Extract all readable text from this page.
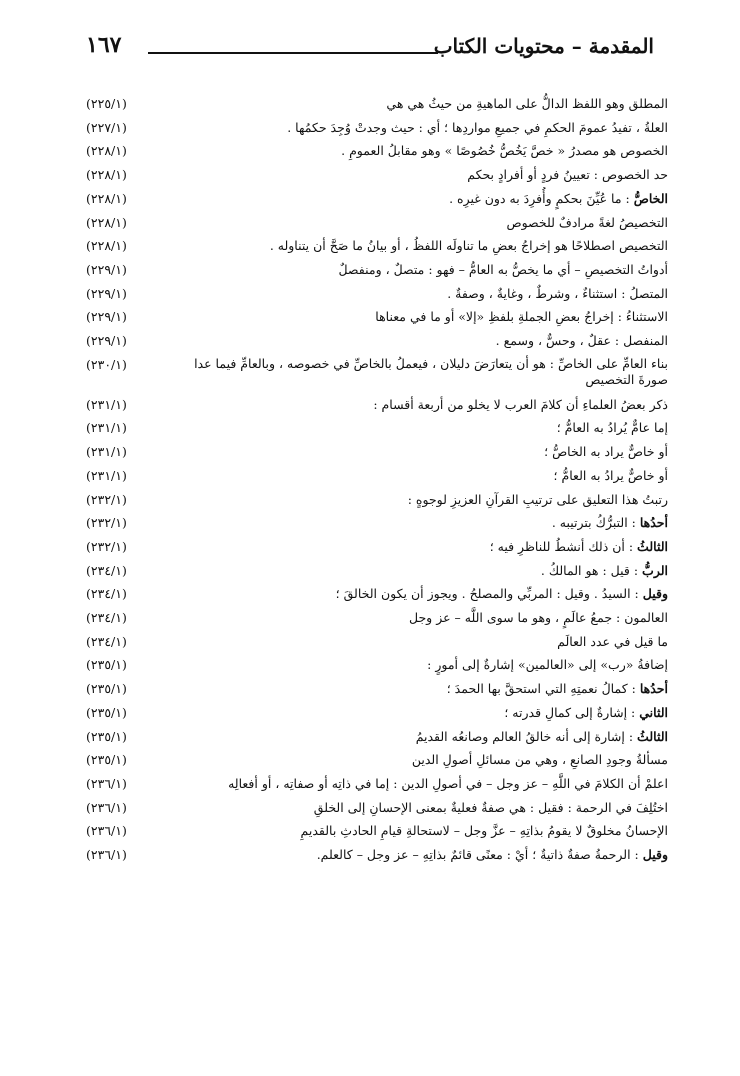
المقدمة – محتويات الكتاب
١٦٧
المطلق وهو اللفظ الدالُّ على الماهيةِ من حيثُ هي هي
(٢٢٥/١)
العلةُ ، تفيدُ عمومَ الحكمِ في جميعِ مواردِها ؛ أي : حيث وجدتْ وُجِدَ حكمُها .
(٢٢٧/١)
الخصوص هو مصدرُ « خصَّ يَخُصُّ خُصُوصًا » وهو مقابلُ العمومِ .
(٢٢٨/١)
حد الخصوص : تعيينُ فردٍ أو أفرادٍ بحكم
(٢٢٨/١)
الخاصُّ : ما عُيِّنَ بحكمٍ وأُفرِدَ به دون غيرِه .
(٢٢٨/١)
التخصيصُ لغةً مرادفٌ للخصوص
(٢٢٨/١)
التخصيص اصطلاحًا هو إخراجُ بعضِ ما تناولَه اللفظُ ، أو بيانُ ما صَحَّ أن يتناوله .
(٢٢٨/١)
أدواتُ التخصيصِ – أي ما يخصُّ به العامُّ – فهو : متصلٌ ، ومنفصلٌ
(٢٢٩/١)
المتصلُ : استثناءٌ ، وشرطٌ ، وغايةٌ ، وصفةٌ .
(٢٢٩/١)
الاستثناءُ : إخراجُ بعضِ الجملةِ بلفظِ «إلا» أو ما في معناها
(٢٢٩/١)
المنفصل : عقلٌ ، وحسٌّ ، وسمع .
(٢٢٩/١)
بناء العامِّ على الخاصِّ : هو أن يتعارَضَ دليلان ، فيعملُ بالخاصِّ في خصوصه ، وبالعامِّ فيما عدا صورةَ التخصيصِ
(٢٣٠/١)
ذكر بعضُ العلماءِ أن كلامَ العرب لا يخلو من أربعة أقسام :
(٢٣١/١)
إما عامٌّ يُرادُ به العامُّ ؛
(٢٣١/١)
أو خاصٌّ يراد به الخاصُّ ؛
(٢٣١/١)
أو خاصٌّ يرادُ به العامُّ ؛
(٢٣١/١)
رتبتُ هذا التعليق على ترتيبِ القرآنِ العزيزِ لوجوهٍ :
(٢٣٢/١)
أحدُها : التبرُّكُ بترتيبه .
(٢٣٢/١)
الثالثُ : أن ذلك أنشطُ للناظرِ فيه ؛
(٢٣٢/١)
الربُّ : قيل : هو المالكُ .
(٢٣٤/١)
وقيل : السيدُ . وقيل : المربِّي والمصلحُ . ويجوز أن يكون الخالقَ ؛
(٢٣٤/١)
العالمون : جمعُ عالَمٍ ، وهو ما سوى اللَّه – عز وجل
(٢٣٤/١)
ما قيل في عدد العالَم
(٢٣٤/١)
إضافةُ «رب» إلى «العالمين» إشارةٌ إلى أمورٍ :
(٢٣٥/١)
أحدُها : كمالُ نعمتِهِ التي استحقَّ بها الحمدَ ؛
(٢٣٥/١)
الثاني : إشارةٌ إلى كمالِ قدرته ؛
(٢٣٥/١)
الثالثُ : إشارة إلى أنه خالقُ العالم وصانعُه القديمُ
(٢٣٥/١)
مسألةُ وجودِ الصانعِ ، وهي من مسائلِ أصولِ الدين
(٢٣٥/١)
اعلمْ أن الكلامَ في اللَّهِ – عز وجل – في أصولِ الدين : إما في ذاتِه أو صفاتِه ، أو أفعالِه
(٢٣٦/١)
اختُلِفَ في الرحمة : فقيل : هي صفةٌ فعليةٌ بمعنى الإحسانِ إلى الخلقِ
(٢٣٦/١)
الإحسانُ مخلوقٌ لا يقومُ بذاتِهِ – عزَّ وجل – لاستحالةِ قيامِ الحادثِ بالقديمِ
(٢٣٦/١)
وقيل : الرحمةُ صفةٌ ذاتيةٌ ؛ أيْ : معنًى قائمٌ بذاتِهِ – عز وجل – كالعلم.
(٢٣٦/١)
